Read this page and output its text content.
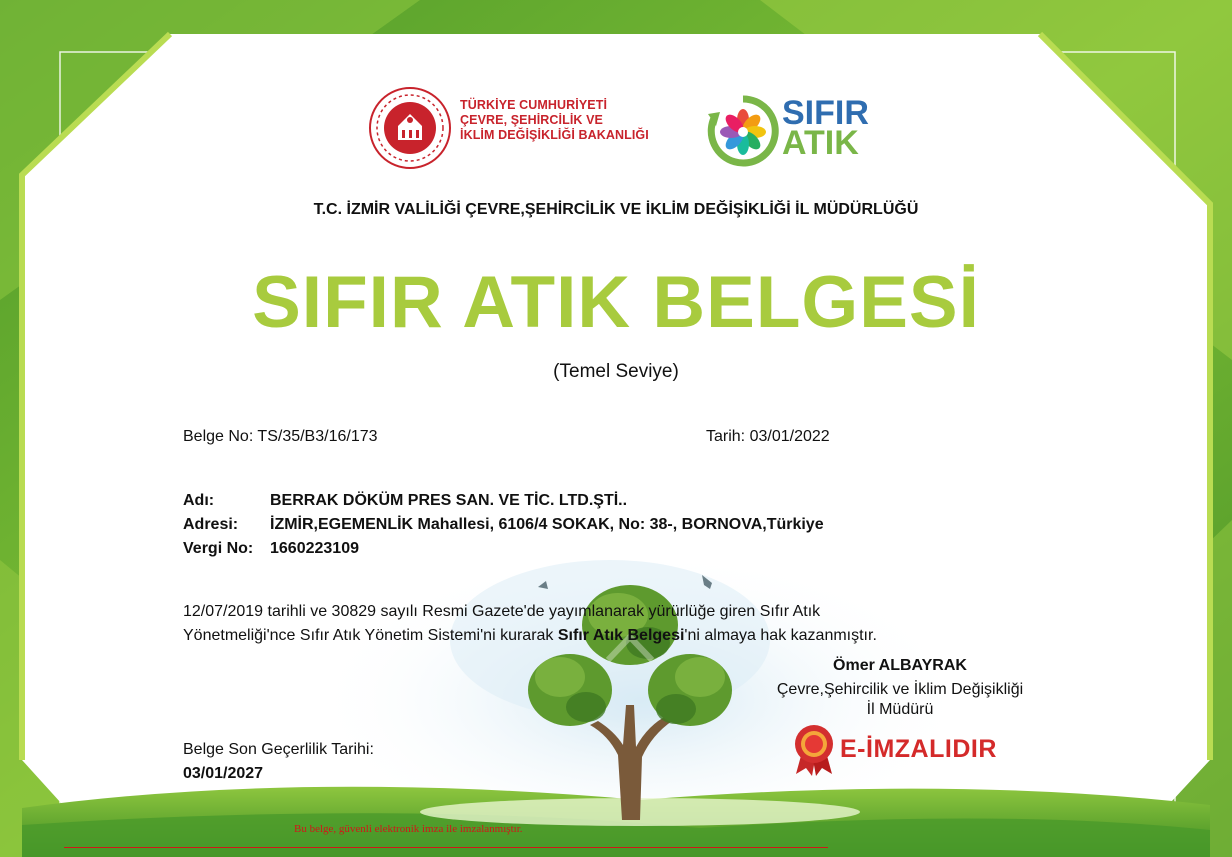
TÜRKİYE CUMHURİYETİ
ÇEVRE, ŞEHİRCİLİK VE
İKLİM DEĞİŞİKLİĞİ BAKANLIĞI
SIFIR
ATIK
T.C. İZMİR VALİLİĞİ ÇEVRE,ŞEHİRCİLİK VE İKLİM DEĞİŞİKLİĞİ İL MÜDÜRLÜĞÜ
SIFIR ATIK BELGESİ
(Temel Seviye)
Belge No: TS/35/B3/16/173	Tarih: 03/01/2022
Adı:	BERRAK DÖKÜM PRES SAN. VE TİC. LTD.ŞTİ..
Adresi: İZMİR,EGEMENLİK Mahallesi, 6106/4 SOKAK, No: 38-, BORNOVA,Türkiye
Vergi No: 1660223109
12/07/2019 tarihli ve 30829 sayılı Resmi Gazete'de yayımlanarak yürürlüğe giren Sıfır Atık
Yönetmeliği'nce Sıfır Atık Yönetim Sistemi'ni kurarak Sıfır Atık Belgesi'ni almaya hak kazanmıştır.
Ömer ALBAYRAK
Çevre,Şehircilik ve İklim Değişikliği
İl Müdürü
Belge Son Geçerlilik Tarihi:
03/01/2027
E-İMZALIDIR
Bu belge, güvenli elektronik imza ile imzalanmıştır.
